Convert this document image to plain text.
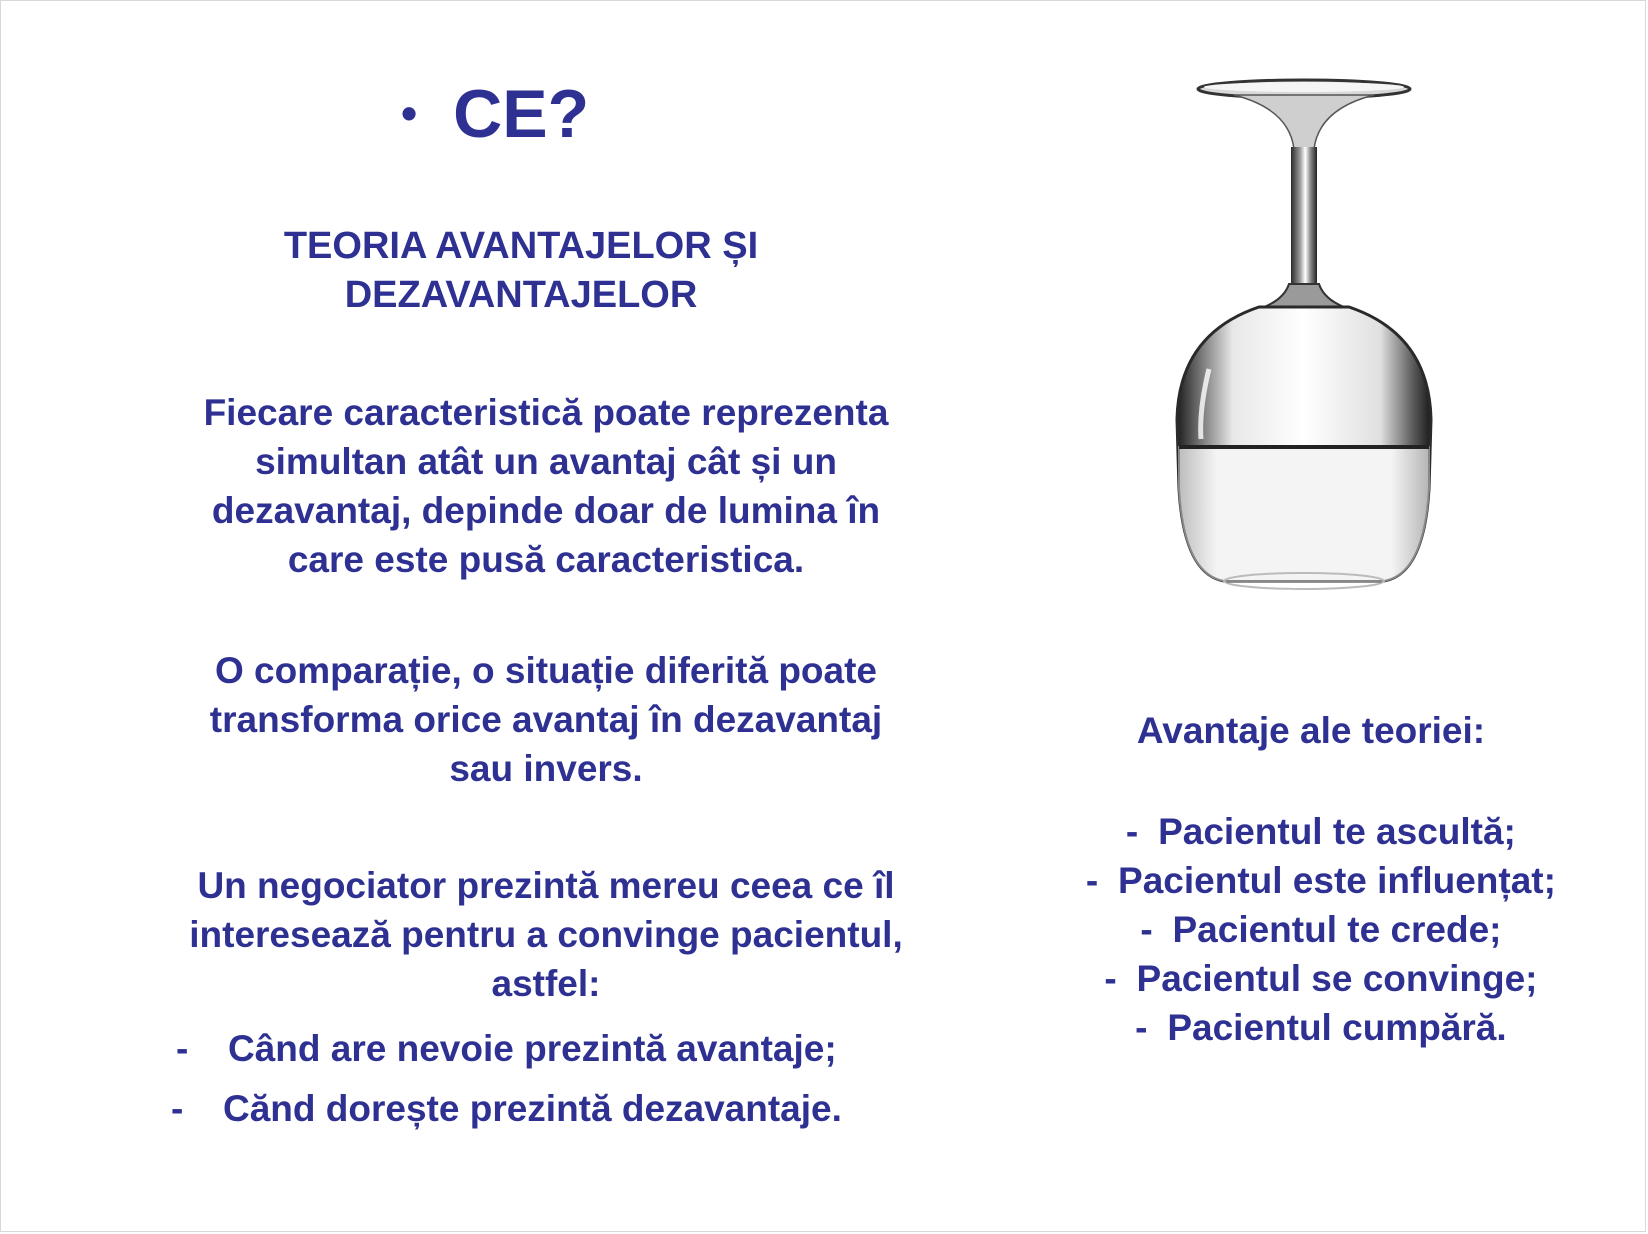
• CE?
TEORIA AVANTAJELOR ȘI
DEZAVANTAJELOR
Fiecare caracteristică poate reprezenta
simultan atât un avantaj cât și un
dezavantaj, depinde doar de lumina în
care este pusă caracteristica.
O comparație, o situație diferită poate
transforma orice avantaj în dezavantaj
sau invers.
Un negociator prezintă mereu ceea ce îl
interesează pentru a convinge pacientul,
astfel:
- Când are nevoie prezintă avantaje;
- Cănd dorește prezintă dezavantaje.
Avantaje ale teoriei:
- Pacientul te ascultă;
- Pacientul este influențat;
- Pacientul te crede;
- Pacientul se convinge;
- Pacientul cumpără.
